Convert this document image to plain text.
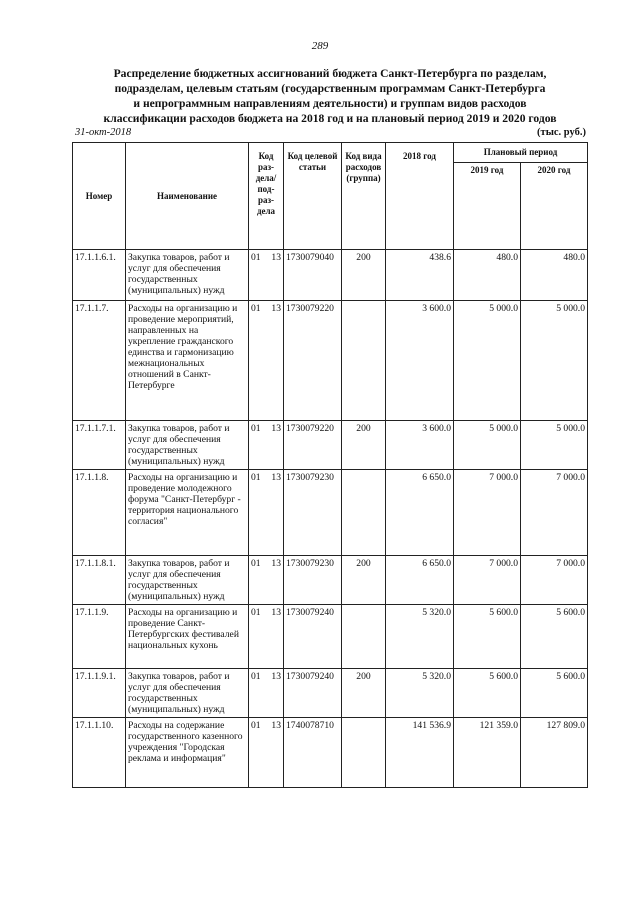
289
Распределение бюджетных ассигнований бюджета Санкт-Петербурга по разделам,
подразделам, целевым статьям (государственным программам Санкт-Петербурга
и непрограммным направлениям деятельности) и группам видов расходов
классификации расходов бюджета на 2018 год и на плановый период 2019 и 2020 годов
31-окт-2018	(тыс. руб.)
Номер	Наименование	Код раз-дела/ под-раз-дела	Код целевой статьи	Код вида расходов (группа)	2018 год	Плановый период	
						2019 год	2020 год
17.1.1.6.1.	Закупка товаров, работ и услуг для обеспечения государственных (муниципальных) нужд	01 13	1730079040	200	438.6	480.0	480.0
17.1.1.7.	Расходы на организацию и проведение мероприятий, направленных на укрепление гражданского единства и гармонизацию межнациональных отношений в Санкт-Петербурге	01 13	1730079220		3 600.0	5 000.0	5 000.0
17.1.1.7.1.	Закупка товаров, работ и услуг для обеспечения государственных (муниципальных) нужд	01 13	1730079220	200	3 600.0	5 000.0	5 000.0
17.1.1.8.	Расходы на организацию и проведение молодежного форума "Санкт-Петербург - территория национального согласия"	01 13	1730079230		6 650.0	7 000.0	7 000.0
17.1.1.8.1.	Закупка товаров, работ и услуг для обеспечения государственных (муниципальных) нужд	01 13	1730079230	200	6 650.0	7 000.0	7 000.0
17.1.1.9.	Расходы на организацию и проведение Санкт-Петербургских фестивалей национальных кухонь	01 13	1730079240		5 320.0	5 600.0	5 600.0
17.1.1.9.1.	Закупка товаров, работ и услуг для обеспечения государственных (муниципальных) нужд	01 13	1730079240	200	5 320.0	5 600.0	5 600.0
17.1.1.10.	Расходы на содержание государственного казенного учреждения "Городская реклама и информация"	01 13	1740078710		141 536.9	121 359.0	127 809.0
